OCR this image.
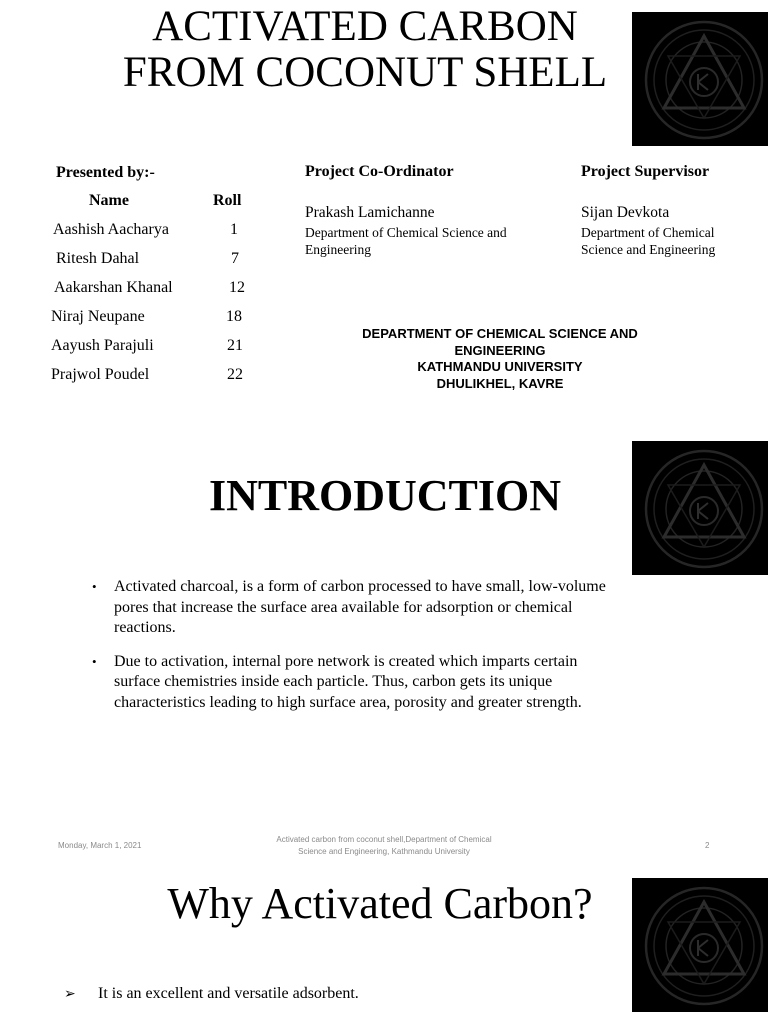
ACTIVATED CARBON
FROM COCONUT SHELL
Presented by:-
Name	Roll
Aashish Aacharya	1
Ritesh Dahal	7
Aakarshan Khanal	12
Niraj Neupane	18
Aayush Parajuli	21
Prajwol Poudel	22
Project Co-Ordinator
Prakash Lamichanne
Department of Chemical Science and
Engineering
Project Supervisor
Sijan Devkota
Department of Chemical
Science and Engineering
DEPARTMENT OF CHEMICAL SCIENCE AND
ENGINEERING
KATHMANDU UNIVERSITY
DHULIKHEL, KAVRE
INTRODUCTION
• Activated charcoal, is a form of carbon processed to have small, low-volume
pores that increase the surface area available for adsorption or chemical
reactions.
• Due to activation, internal pore network is created which imparts certain
surface chemistries inside each particle. Thus, carbon gets its unique
characteristics leading to high surface area, porosity and greater strength.
Monday, March 1, 2021
Activated carbon from coconut shell,Department of Chemical
Science and Engineering, Kathmandu University
2
Why Activated Carbon?
➢ It is an excellent and versatile adsorbent.
